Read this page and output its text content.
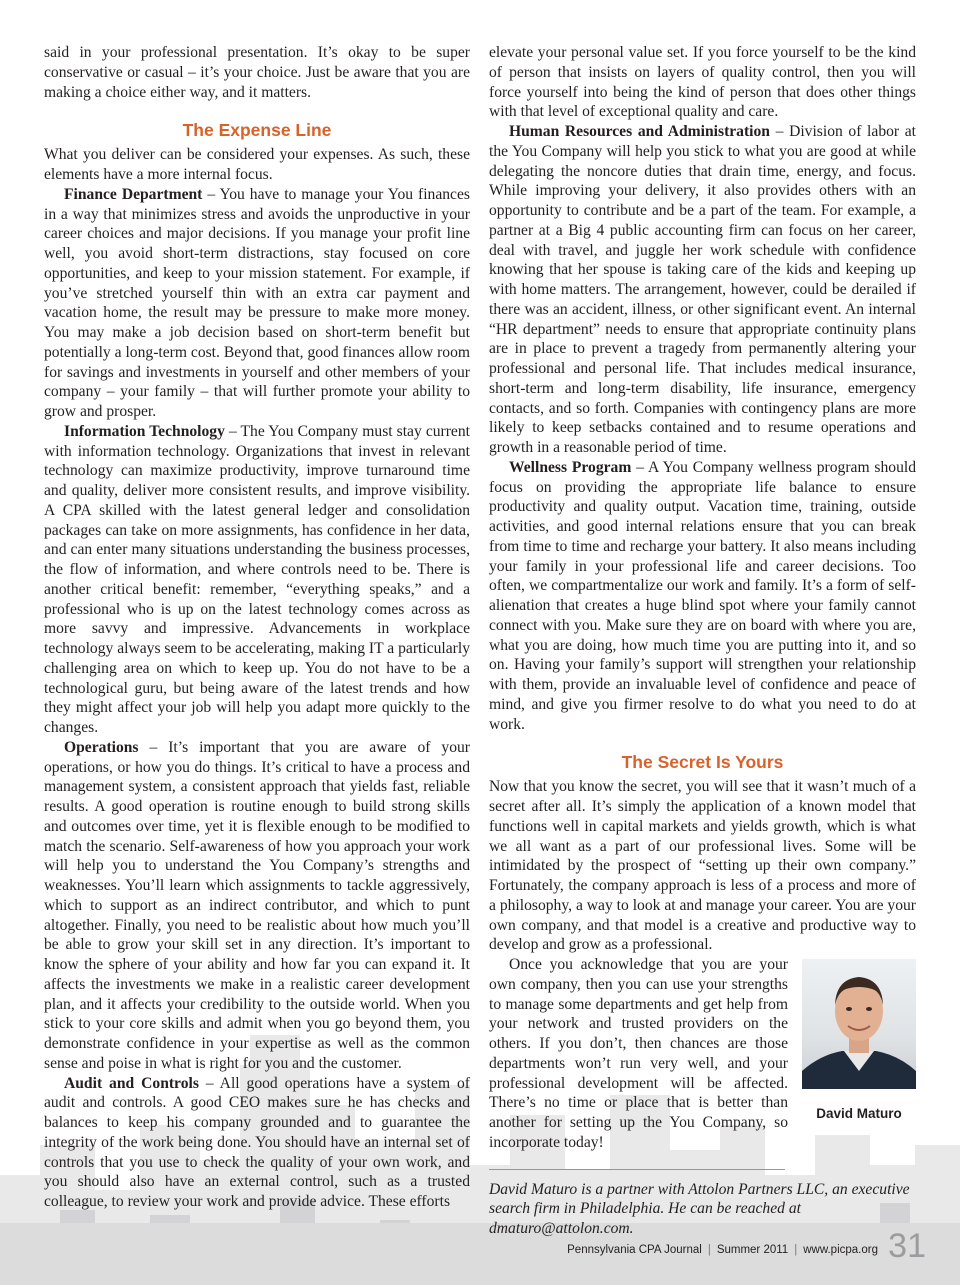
said in your professional presentation. It’s okay to be super conservative or casual – it’s your choice. Just be aware that you are making a choice either way, and it matters.

The Expense Line

What you deliver can be considered your expenses. As such, these elements have a more internal focus.

Finance Department – You have to manage your You finances in a way that minimizes stress and avoids the unproductive in your career choices and major decisions. If you manage your profit line well, you avoid short-term distractions, stay focused on core opportunities, and keep to your mission statement. For example, if you’ve stretched yourself thin with an extra car payment and vacation home, the result may be pressure to make more money. You may make a job decision based on short-term benefit but potentially a long-term cost. Beyond that, good finances allow room for savings and investments in yourself and other members of your company – your family – that will further promote your ability to grow and prosper.

Information Technology – The You Company must stay current with information technology. Organizations that invest in relevant technology can maximize productivity, improve turnaround time and quality, deliver more consistent results, and improve visibility. A CPA skilled with the latest general ledger and consolidation packages can take on more assignments, has confidence in her data, and can enter many situations understanding the business processes, the flow of information, and where controls need to be. There is another critical benefit: remember, “everything speaks,” and a professional who is up on the latest technology comes across as more savvy and impressive. Advancements in workplace technology always seem to be accelerating, making IT a particularly challenging area on which to keep up. You do not have to be a technological guru, but being aware of the latest trends and how they might affect your job will help you adapt more quickly to the changes.

Operations – It’s important that you are aware of your operations, or how you do things. It’s critical to have a process and management system, a consistent approach that yields fast, reliable results. A good operation is routine enough to build strong skills and outcomes over time, yet it is flexible enough to be modified to match the scenario. Self-awareness of how you approach your work will help you to understand the You Company’s strengths and weaknesses. You’ll learn which assignments to tackle aggressively, which to support as an indirect contributor, and which to punt altogether. Finally, you need to be realistic about how much you’ll be able to grow your skill set in any direction. It’s important to know the sphere of your ability and how far you can expand it. It affects the investments we make in a realistic career development plan, and it affects your credibility to the outside world. When you stick to your core skills and admit when you go beyond them, you demonstrate confidence in your expertise as well as the common sense and poise in what is right for you and the customer.

Audit and Controls – All good operations have a system of audit and controls. A good CEO makes sure he has checks and balances to keep his company grounded and to guarantee the integrity of the work being done. You should have an internal set of controls that you use to check the quality of your own work, and you should also have an external control, such as a trusted colleague, to review your work and provide advice. These efforts

elevate your personal value set. If you force yourself to be the kind of person that insists on layers of quality control, then you will force yourself into being the kind of person that does other things with that level of exceptional quality and care.

Human Resources and Administration – Division of labor at the You Company will help you stick to what you are good at while delegating the noncore duties that drain time, energy, and focus. While improving your delivery, it also provides others with an opportunity to contribute and be a part of the team. For example, a partner at a Big 4 public accounting firm can focus on her career, deal with travel, and juggle her work schedule with confidence knowing that her spouse is taking care of the kids and keeping up with home matters. The arrangement, however, could be derailed if there was an accident, illness, or other significant event. An internal “HR department” needs to ensure that appropriate continuity plans are in place to prevent a tragedy from permanently altering your professional and personal life. That includes medical insurance, short-term and long-term disability, life insurance, emergency contacts, and so forth. Companies with contingency plans are more likely to keep setbacks contained and to resume operations and growth in a reasonable period of time.

Wellness Program – A You Company wellness program should focus on providing the appropriate life balance to ensure productivity and quality output. Vacation time, training, outside activities, and good internal relations ensure that you can break from time to time and recharge your battery. It also means including your family in your professional life and career decisions. Too often, we compartmentalize our work and family. It’s a form of self-alienation that creates a huge blind spot where your family cannot connect with you. Make sure they are on board with where you are, what you are doing, how much time you are putting into it, and so on. Having your family’s support will strengthen your relationship with them, provide an invaluable level of confidence and peace of mind, and give you firmer resolve to do what you need to do at work.

The Secret Is Yours

Now that you know the secret, you will see that it wasn’t much of a secret after all. It’s simply the application of a known model that functions well in capital markets and yields growth, which is what we all want as a part of our professional lives. Some will be intimidated by the prospect of “setting up their own company.” Fortunately, the company approach is less of a process and more of a philosophy, a way to look at and manage your career. You are your own company, and that model is a creative and productive way to develop and grow as a professional.

David Maturo

Once you acknowledge that you are your own company, then you can use your strengths to manage some departments and get help from your network and trusted providers on the others. If you don’t, then chances are those departments won’t run very well, and your professional development will be affected. There’s no time or place that is better than another for setting up the You Company, so incorporate today!

David Maturo is a partner with Attolon Partners LLC, an executive search firm in Philadelphia. He can be reached at dmaturo@attolon.com.

Pennsylvania CPA Journal | Summer 2011 | www.picpa.org 31
